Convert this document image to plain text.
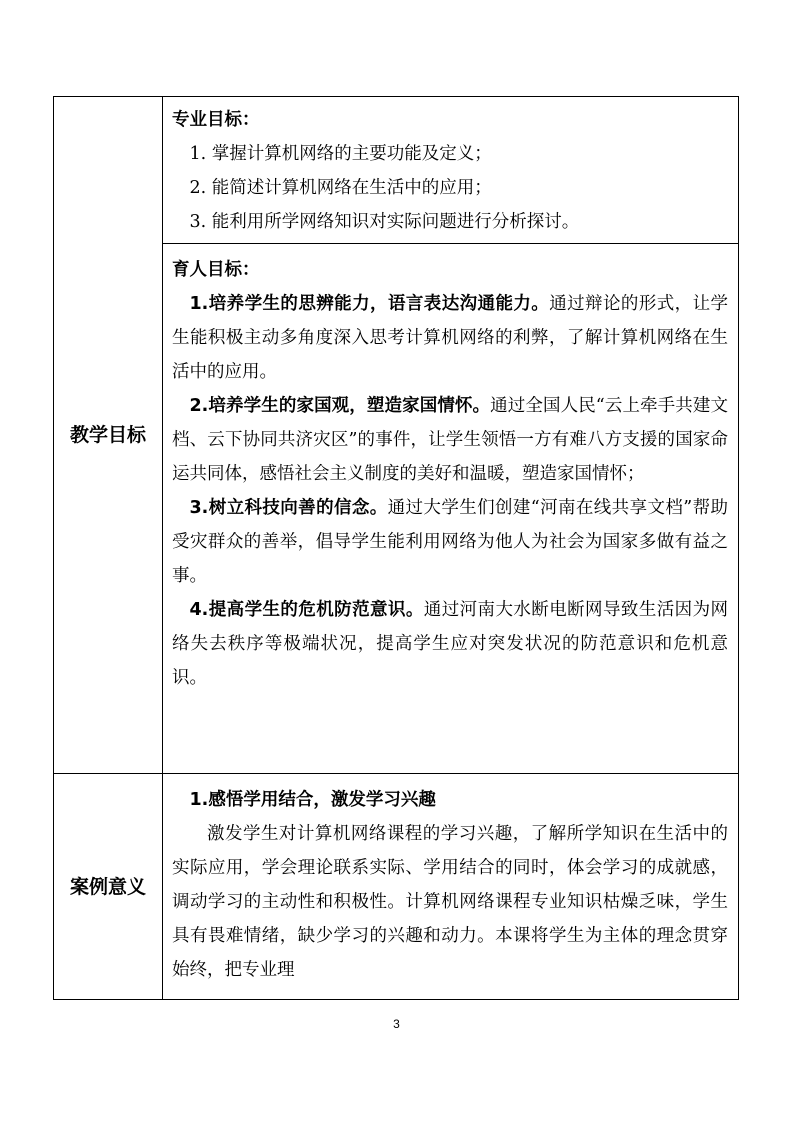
教学目标

专业目标：

1. 掌握计算机网络的主要功能及定义；

2. 能简述计算机网络在生活中的应用；

3. 能利用所学网络知识对实际问题进行分析探讨。

育人目标：

1.培养学生的思辨能力，语言表达沟通能力。通过辩论的形式，让学生能积极主动多角度深入思考计算机网络的利弊，了解计算机网络在生活中的应用。

2.培养学生的家国观，塑造家国情怀。通过全国人民“云上牵手共建文档、云下协同共济灾区”的事件，让学生领悟一方有难八方支援的国家命运共同体，感悟社会主义制度的美好和温暖，塑造家国情怀；

3.树立科技向善的信念。通过大学生们创建“河南在线共享文档”帮助受灾群众的善举，倡导学生能利用网络为他人为社会为国家多做有益之事。

4.提高学生的危机防范意识。通过河南大水断电断网导致生活因为网络失去秩序等极端状况，提高学生应对突发状况的防范意识和危机意识。

案例意义

1.感悟学用结合，激发学习兴趣

激发学生对计算机网络课程的学习兴趣，了解所学知识在生活中的实际应用，学会理论联系实际、学用结合的同时，体会学习的成就感，调动学习的主动性和积极性。计算机网络课程专业知识枯燥乏味，学生具有畏难情绪，缺少学习的兴趣和动力。本课将学生为主体的理念贯穿始终，把专业理

3
